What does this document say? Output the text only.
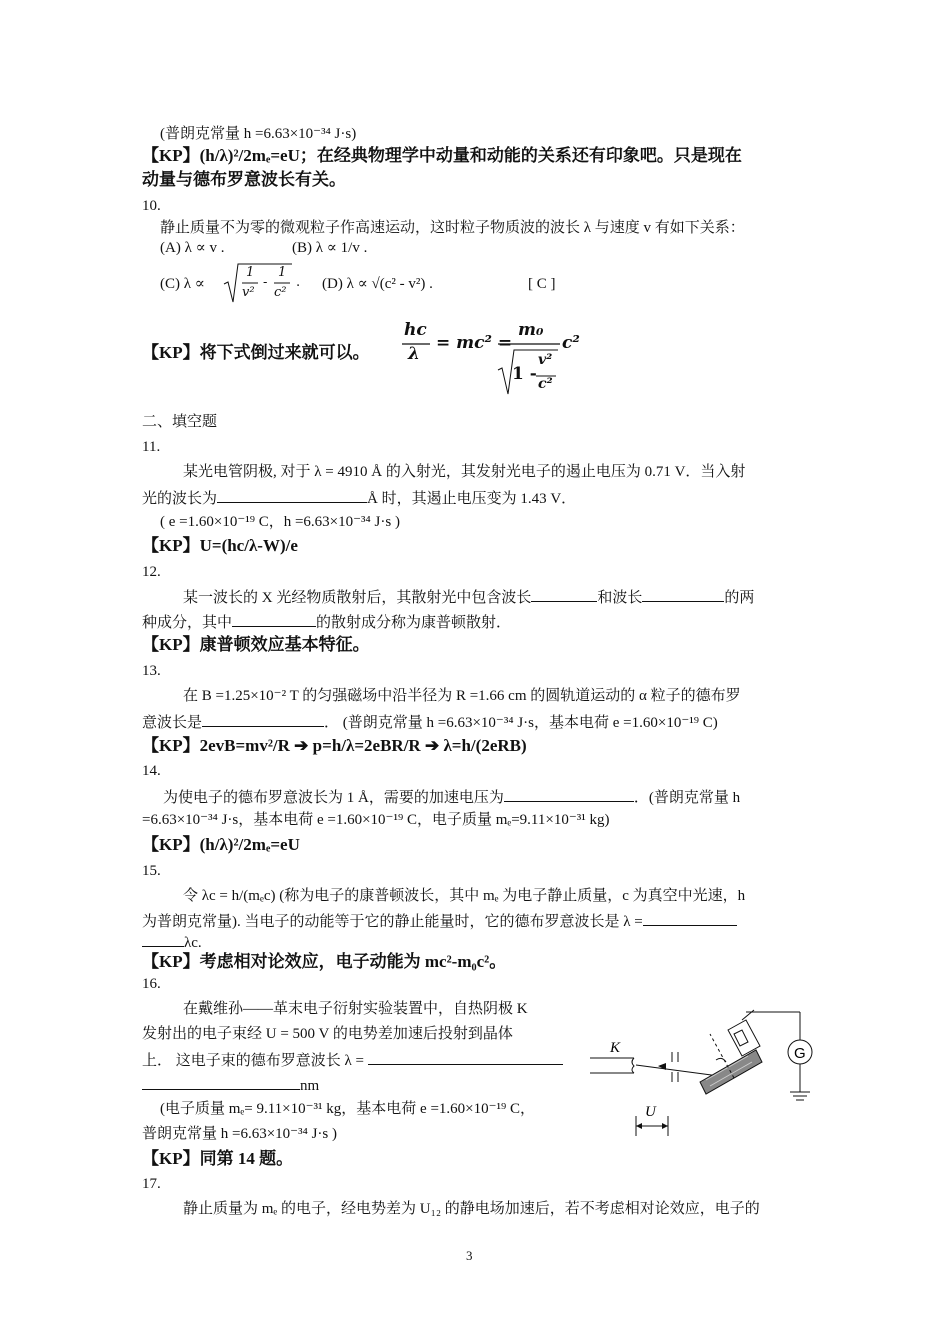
(普朗克常量 h =6.63×10⁻³⁴ J·s)
【KP】(h/λ)²/2mₑ=eU；在经典物理学中动量和动能的关系还有印象吧。只是现在
动量与德布罗意波长有关。
10.
静止质量不为零的微观粒子作高速运动，这时粒子物质波的波长 λ 与速度 v 有如下关系：
(A) λ ∝ v .	(B) λ ∝ 1/v .
(C) λ ∝
1
v²
-
1
c²
. (D) λ ∝ √(c² - v²) .	[ C ]
【KP】将下式倒过来就可以。
hc
λ
= mc² =
m₀
1 -
v²
c²
c²
二、填空题
11.
某光电管阴极, 对于 λ = 4910 Å 的入射光，其发射光电子的遏止电压为 0.71 V．当入射
光的波长为	Å 时，其遏止电压变为 1.43 V．
( e =1.60×10⁻¹⁹ C，h =6.63×10⁻³⁴ J·s )
【KP】U=(hc/λ-W)/e
12.
某一波长的 X 光经物质散射后，其散射光中包含波长	和波长	的两
种成分，其中	的散射成分称为康普顿散射．
【KP】康普顿效应基本特征。
13.
在 B =1.25×10⁻² T 的匀强磁场中沿半径为 R =1.66 cm 的圆轨道运动的 α 粒子的德布罗
意波长是	． (普朗克常量 h =6.63×10⁻³⁴ J·s，基本电荷 e =1.60×10⁻¹⁹ C)
【KP】2evB=mv²/R ➔ p=h/λ=2eBR/R ➔ λ=h/(2eRB)
14.
为使电子的德布罗意波长为 1 Å，需要的加速电压为	．(普朗克常量 h
=6.63×10⁻³⁴ J·s，基本电荷 e =1.60×10⁻¹⁹ C，电子质量 mₑ=9.11×10⁻³¹ kg)
【KP】(h/λ)²/2mₑ=eU
15.
令 λc = h/(mₑc) (称为电子的康普顿波长，其中 mₑ 为电子静止质量，c 为真空中光速，h
为普朗克常量). 当电子的动能等于它的静止能量时，它的德布罗意波长是 λ =
λc.
【KP】考虑相对论效应，电子动能为 mc²-m₀c²。
16.
在戴维孙——革末电子衍射实验装置中，自热阴极 K
发射出的电子束经 U = 500 V 的电势差加速后投射到晶体
上． 这电子束的德布罗意波长 λ =
nm
(电子质量 mₑ= 9.11×10⁻³¹ kg，基本电荷 e =1.60×10⁻¹⁹ C，
普朗克常量 h =6.63×10⁻³⁴ J·s )
K	G
U
【KP】同第 14 题。
17.
静止质量为 mₑ 的电子，经电势差为 U₁₂ 的静电场加速后，若不考虑相对论效应，电子的
3
